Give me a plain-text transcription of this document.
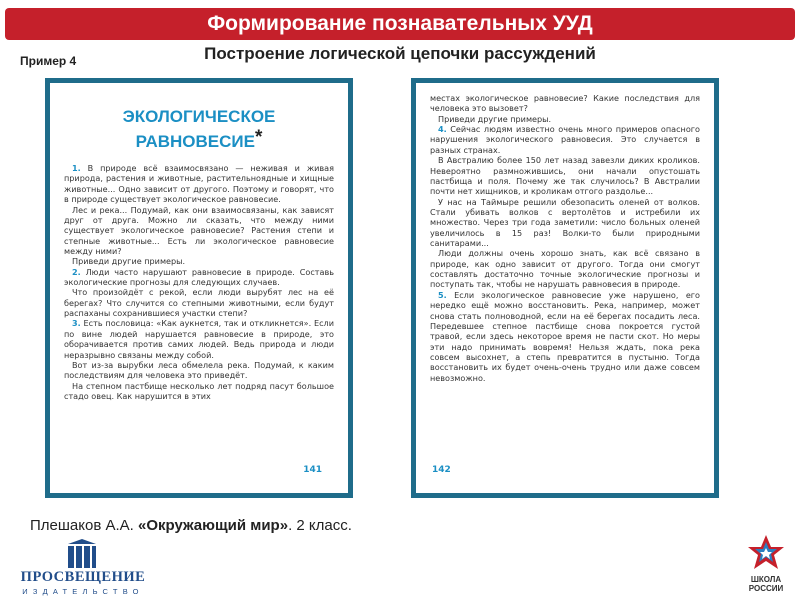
Формирование познавательных УУД
Построение логической цепочки рассуждений
Пример 4
ЭКОЛОГИЧЕСКОЕ
РАВНОВЕСИЕ*

1. В природе всё взаимосвязано — неживая и живая природа, растения и животные, растительноядные и хищные животные... Одно зависит от другого. Поэтому и говорят, что в природе существует экологическое равновесие.

Лес и река... Подумай, как они взаимосвязаны, как зависят друг от друга. Можно ли сказать, что между ними существует экологическое равновесие? Растения степи и степные животные... Есть ли экологическое равновесие между ними?

Приведи другие примеры.

2. Люди часто нарушают равновесие в природе. Составь экологические прогнозы для следующих случаев.

Что произойдёт с рекой, если люди вырубят лес на её берегах? Что случится со степными животными, если будут распаханы сохранившиеся участки степи?

3. Есть пословица: «Как аукнется, так и откликнется». Если по вине людей нарушается равновесие в природе, это оборачивается против самих людей. Ведь природа и люди неразрывно связаны между собой.

Вот из-за вырубки леса обмелела река. Подумай, к каким последствиям для человека это приведёт.

На степном пастбище несколько лет подряд пасут большое стадо овец. Как нарушится в этих

141

местах экологическое равновесие? Какие последствия для человека это вызовет?

Приведи другие примеры.

4. Сейчас людям известно очень много примеров опасного нарушения экологического равновесия. Это случается в разных странах.

В Австралию более 150 лет назад завезли диких кроликов. Невероятно размножившись, они начали опустошать пастбища и поля. Почему же так случилось? В Австралии почти нет хищников, и кроликам отгого раздолье...

У нас на Таймыре решили обезопасить оленей от волков. Стали убивать волков с вертолётов и истребили их множество. Через три года заметили: число больных оленей увеличилось в 15 раз! Волки-то были природными санитарами...

Люди должны очень хорошо знать, как всё связано в природе, как одно зависит от другого. Тогда они смогут составлять достаточно точные экологические прогнозы и поступать так, чтобы не нарушать равновесия в природе.

5. Если экологическое равновесие уже нарушено, его нередко ещё можно восстановить. Река, например, может снова стать полноводной, если на её берегах посадить леса. Передевшее степное пастбище снова покроется густой травой, если здесь некоторое время не пасти скот. Но меры эти надо принимать вовремя! Нельзя ждать, пока река совсем высохнет, а степь превратится в пустыню. Тогда восстановить их будет очень-очень трудно или даже совсем невозможно.

142
Плешаков А.А. «Окружающий мир». 2 класс.
ПРОСВЕЩЕНИЕ
ИЗДАТЕЛЬСТВО
ШКОЛА
РОССИИ
